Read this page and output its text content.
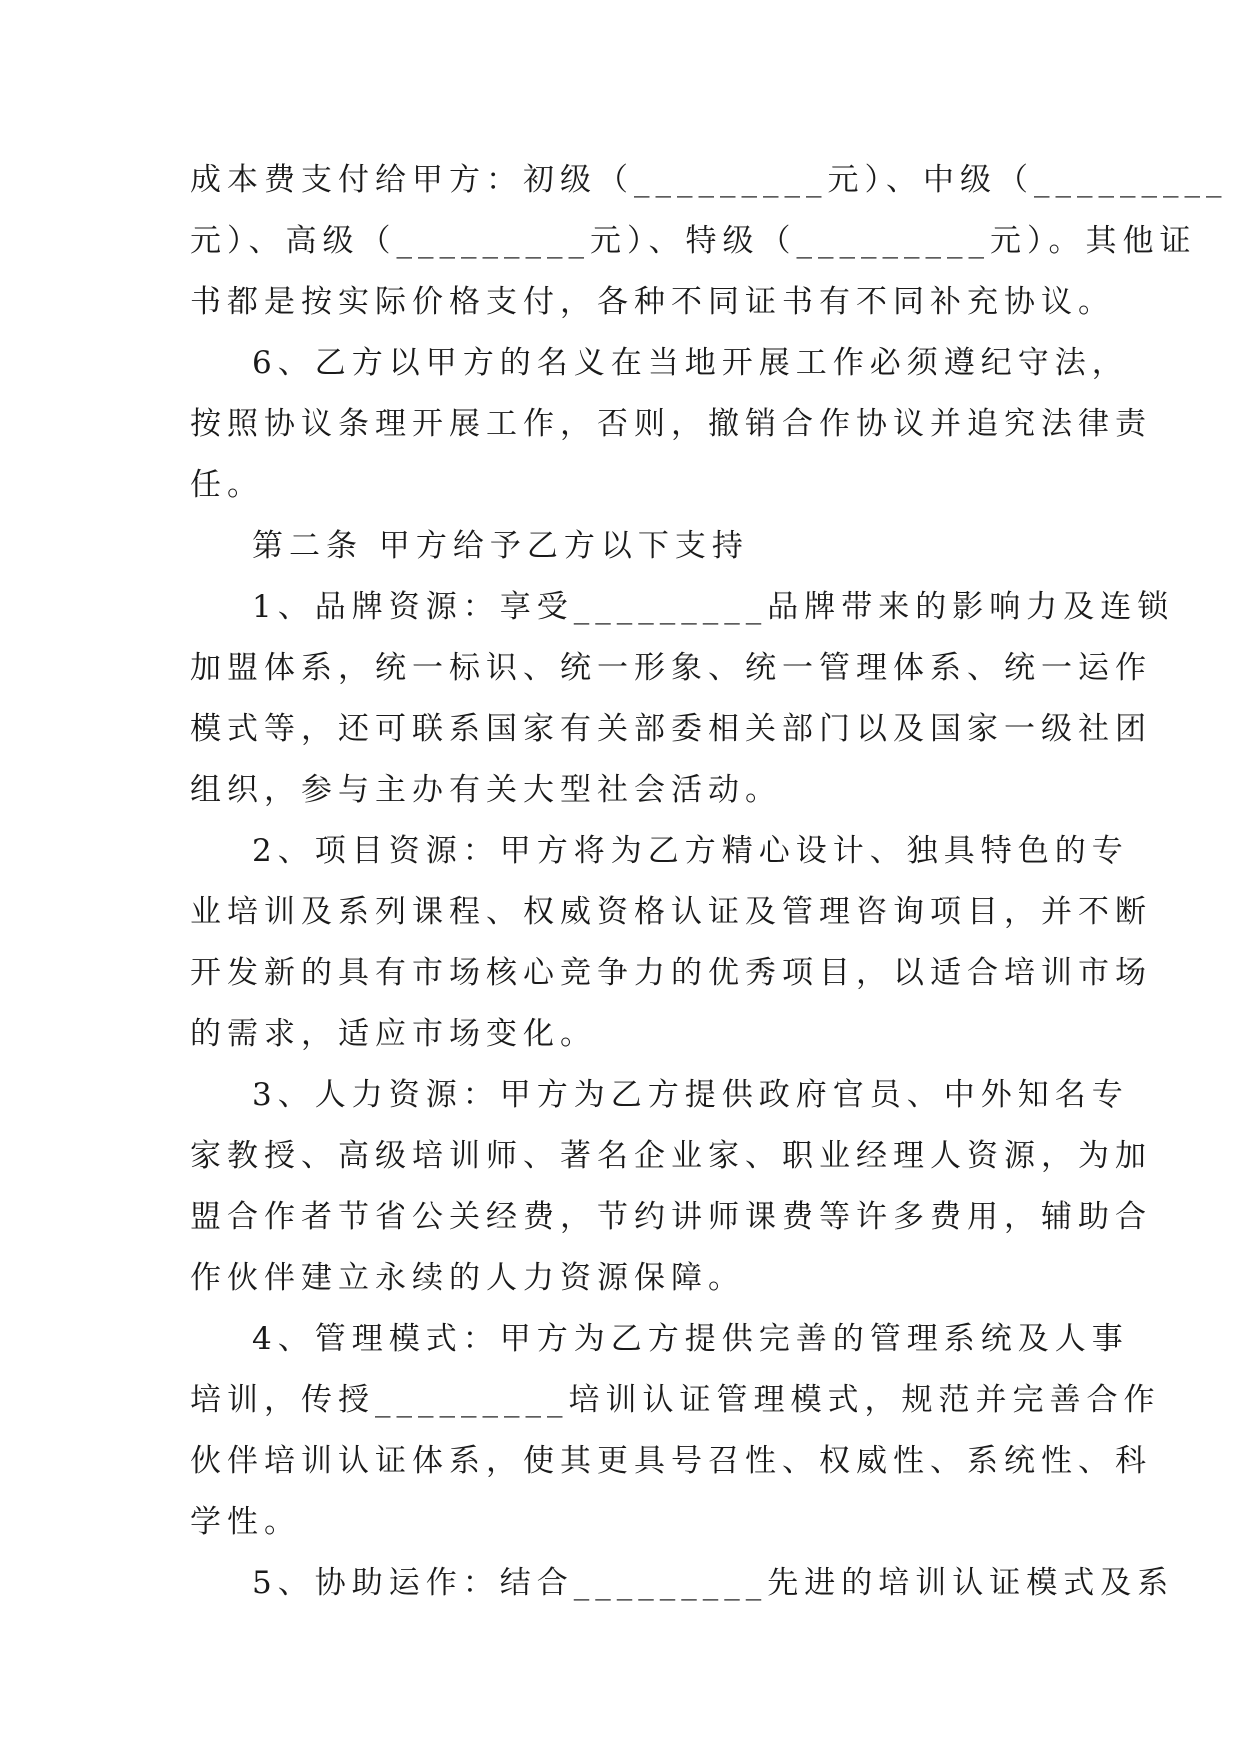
成本费支付给甲方：初级（_________元）、中级（_________
元）、高级（_________元）、特级（_________元）。其他证
书都是按实际价格支付，各种不同证书有不同补充协议。

6、乙方以甲方的名义在当地开展工作必须遵纪守法，
按照协议条理开展工作，否则，撤销合作协议并追究法律责
任。

第二条 甲方给予乙方以下支持

1、品牌资源：享受_________品牌带来的影响力及连锁
加盟体系，统一标识、统一形象、统一管理体系、统一运作
模式等，还可联系国家有关部委相关部门以及国家一级社团
组织，参与主办有关大型社会活动。

2、项目资源：甲方将为乙方精心设计、独具特色的专
业培训及系列课程、权威资格认证及管理咨询项目，并不断
开发新的具有市场核心竞争力的优秀项目，以适合培训市场
的需求，适应市场变化。

3、人力资源：甲方为乙方提供政府官员、中外知名专
家教授、高级培训师、著名企业家、职业经理人资源，为加
盟合作者节省公关经费，节约讲师课费等许多费用，辅助合
作伙伴建立永续的人力资源保障。

4、管理模式：甲方为乙方提供完善的管理系统及人事
培训，传授_________培训认证管理模式，规范并完善合作
伙伴培训认证体系，使其更具号召性、权威性、系统性、科
学性。

5、协助运作：结合_________先进的培训认证模式及系
